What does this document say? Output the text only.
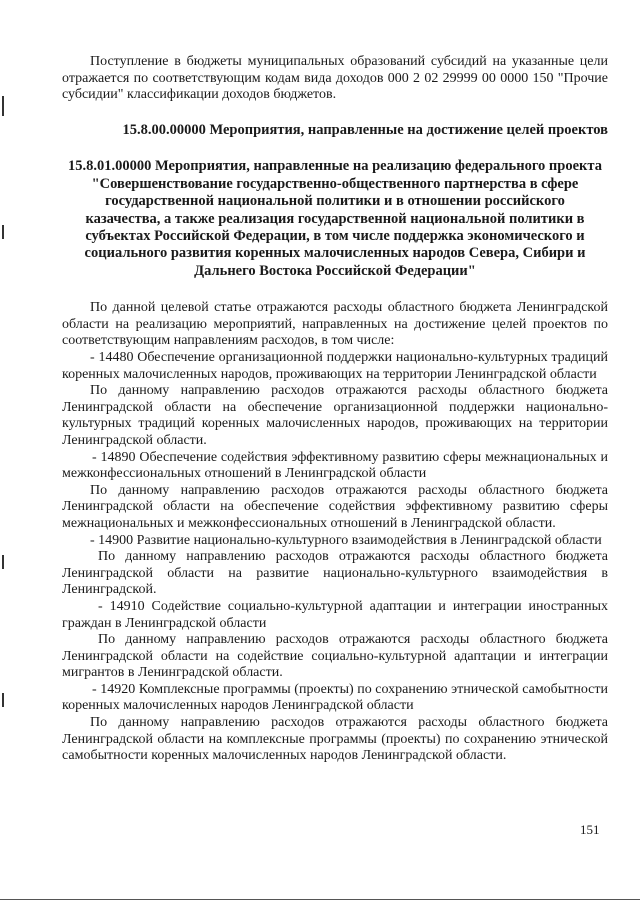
Поступление в бюджеты муниципальных образований субсидий на указанные цели отражается по соответствующим кодам вида доходов 000 2 02 29999 00 0000 150 "Прочие субсидии" классификации доходов бюджетов.

15.8.00.00000 Мероприятия, направленные на достижение целей проектов
15.8.01.00000 Мероприятия, направленные на реализацию федерального проекта "Совершенствование государственно-общественного партнерства в сфере государственной национальной политики и в отношении российского казачества, а также реализация государственной национальной политики в субъектах Российской Федерации, в том числе поддержка экономического и социального развития коренных малочисленных народов Севера, Сибири и Дальнего Востока Российской Федерации"

По данной целевой статье отражаются расходы областного бюджета Ленинградской области на реализацию мероприятий, направленных на достижение целей проектов по соответствующим направлениям расходов, в том числе:

- 14480 Обеспечение организационной поддержки национально-культурных традиций коренных малочисленных народов, проживающих на территории Ленинградской области

По данному направлению расходов отражаются расходы областного бюджета Ленинградской области на обеспечение организационной поддержки национально-культурных традиций коренных малочисленных народов, проживающих на территории Ленинградской области.

- 14890 Обеспечение содействия эффективному развитию сферы межнациональных и межконфессиональных отношений в Ленинградской области

По данному направлению расходов отражаются расходы областного бюджета Ленинградской области на обеспечение содействия эффективному развитию сферы межнациональных и межконфессиональных отношений в Ленинградской области.

- 14900 Развитие национально-культурного взаимодействия в Ленинградской области

По данному направлению расходов отражаются расходы областного бюджета Ленинградской области на развитие национально-культурного взаимодействия в Ленинградской.

- 14910 Содействие социально-культурной адаптации и интеграции иностранных граждан в Ленинградской области

По данному направлению расходов отражаются расходы областного бюджета Ленинградской области на содействие социально-культурной адаптации и интеграции мигрантов в Ленинградской области.

- 14920 Комплексные программы (проекты) по сохранению этнической самобытности коренных малочисленных народов Ленинградской области

По данному направлению расходов отражаются расходы областного бюджета Ленинградской области на комплексные программы (проекты) по сохранению этнической самобытности коренных малочисленных народов Ленинградской области.

151
